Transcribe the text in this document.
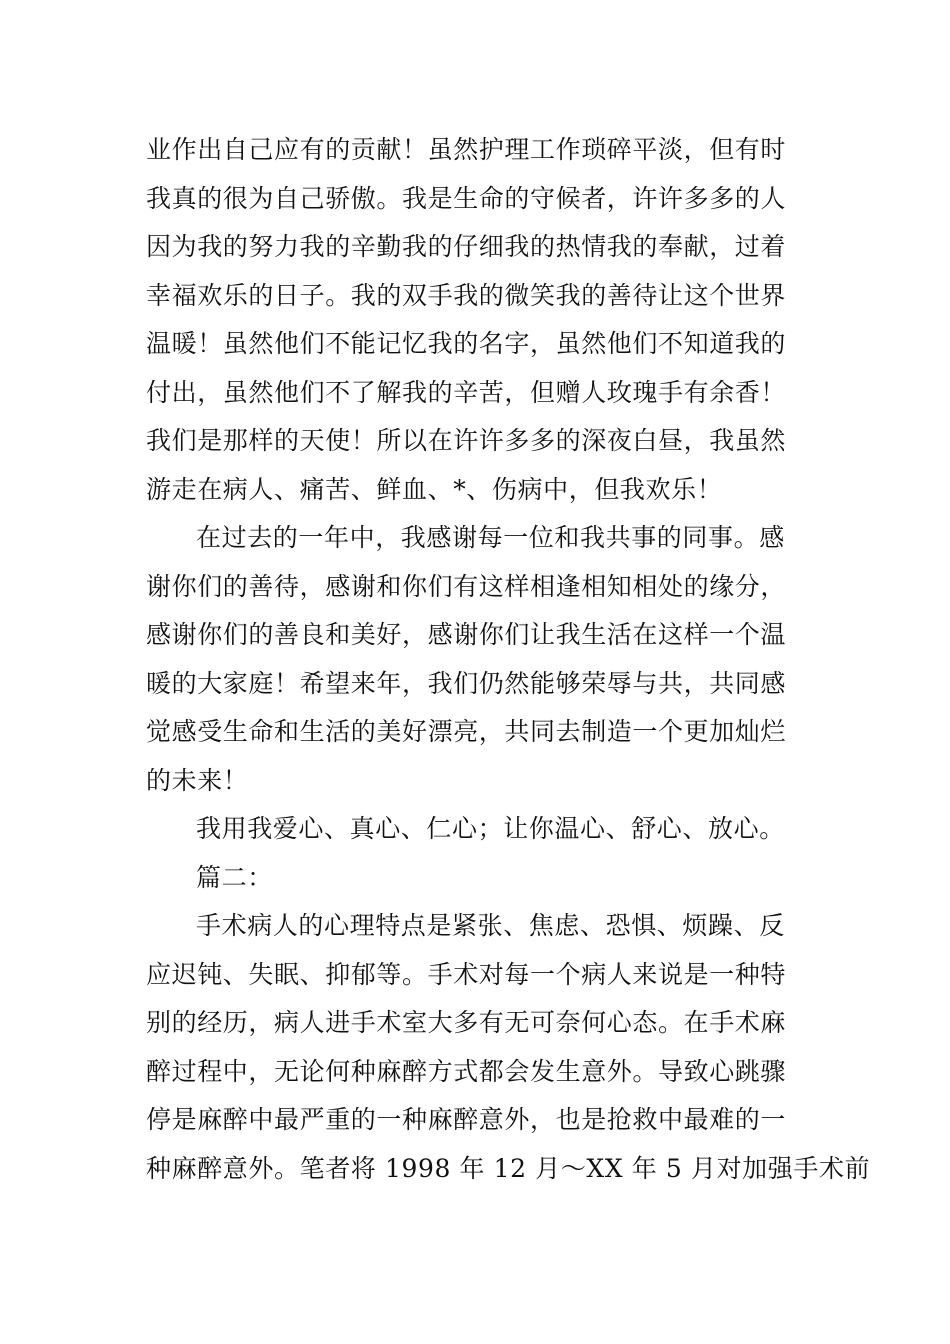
业作出自己应有的贡献！虽然护理工作琐碎平淡，但有时
我真的很为自己骄傲。我是生命的守候者，许许多多的人
因为我的努力我的辛勤我的仔细我的热情我的奉献，过着
幸福欢乐的日子。我的双手我的微笑我的善待让这个世界
温暖！虽然他们不能记忆我的名字，虽然他们不知道我的
付出，虽然他们不了解我的辛苦，但赠人玫瑰手有余香！
我们是那样的天使！所以在许许多多的深夜白昼，我虽然
游走在病人、痛苦、鲜血、*、伤病中，但我欢乐！
在过去的一年中，我感谢每一位和我共事的同事。感
谢你们的善待，感谢和你们有这样相逢相知相处的缘分，
感谢你们的善良和美好，感谢你们让我生活在这样一个温
暖的大家庭！希望来年，我们仍然能够荣辱与共，共同感
觉感受生命和生活的美好漂亮，共同去制造一个更加灿烂
的未来！
我用我爱心、真心、仁心；让你温心、舒心、放心。
篇二：
手术病人的心理特点是紧张、焦虑、恐惧、烦躁、反
应迟钝、失眠、抑郁等。手术对每一个病人来说是一种特
别的经历，病人进手术室大多有无可奈何心态。在手术麻
醉过程中，无论何种麻醉方式都会发生意外。导致心跳骤
停是麻醉中最严重的一种麻醉意外，也是抢救中最难的一
种麻醉意外。笔者将 1998 年 12 月～XX 年 5 月对加强手术前
